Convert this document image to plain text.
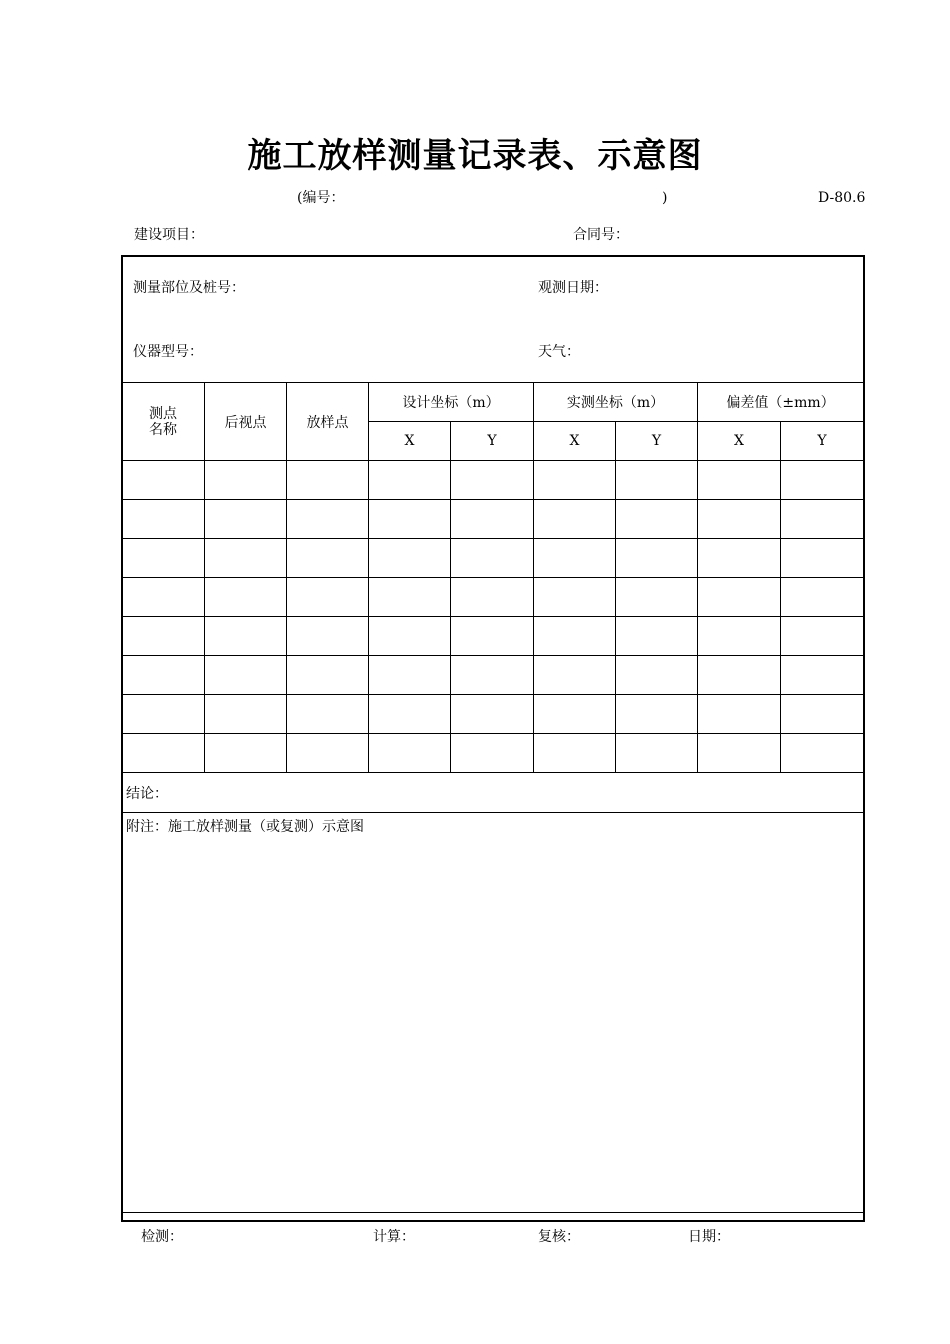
施工放样测量记录表、示意图
(编号：	)	D-80.6
建设项目：	合同号：
测量部位及桩号：	观测日期：
仪器型号：	天气：
测点
名称	后视点	放样点	设计坐标（m）		实测坐标（m）		偏差值（±mm）	
			X	Y	X	Y	X	Y

结论：								
附注：施工放样测量（或复测）示意图								
检测：	计算：	复核：	日期：
